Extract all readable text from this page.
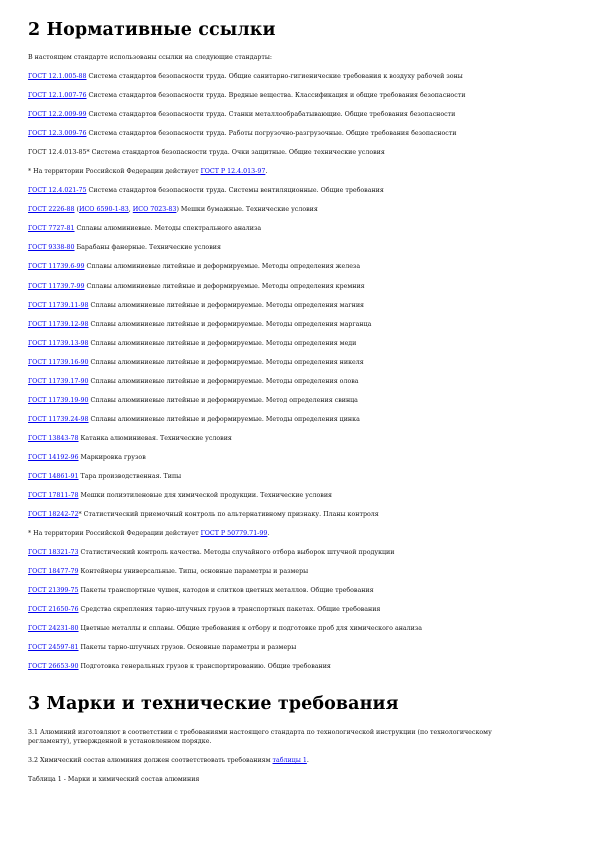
2 Нормативные ссылки

В настоящем стандарте использованы ссылки на следующие стандарты:

ГОСТ 12.1.005-88 Система стандартов безопасности труда. Общие санитарно-гигиенические требования к воздуху рабочей зоны

ГОСТ 12.1.007-76 Система стандартов безопасности труда. Вредные вещества. Классификация и общие требования безопасности

ГОСТ 12.2.009-99 Система стандартов безопасности труда. Станки металлообрабатывающие. Общие требования безопасности

ГОСТ 12.3.009-76 Система стандартов безопасности труда. Работы погрузочно-разгрузочные. Общие требования безопасности

ГОСТ 12.4.013-85* Система стандартов безопасности труда. Очки защитные. Общие технические условия

* На территории Российской Федерации действует ГОСТ Р 12.4.013-97.

ГОСТ 12.4.021-75 Система стандартов безопасности труда. Системы вентиляционные. Общие требования

ГОСТ 2226-88 (ИСО 6590-1-83, ИСО 7023-83) Мешки бумажные. Технические условия

ГОСТ 7727-81 Сплавы алюминиевые. Методы спектрального анализа

ГОСТ 9338-80 Барабаны фанерные. Технические условия

ГОСТ 11739.6-99 Сплавы алюминиевые литейные и деформируемые. Методы определения железа

ГОСТ 11739.7-99 Сплавы алюминиевые литейные и деформируемые. Методы определения кремния

ГОСТ 11739.11-98 Сплавы алюминиевые литейные и деформируемые. Методы определения магния

ГОСТ 11739.12-98 Сплавы алюминиевые литейные и деформируемые. Методы определения марганца

ГОСТ 11739.13-98 Сплавы алюминиевые литейные и деформируемые. Методы определения меди

ГОСТ 11739.16-90 Сплавы алюминиевые литейные и деформируемые. Методы определения никеля

ГОСТ 11739.17-90 Сплавы алюминиевые литейные и деформируемые. Методы определения олова

ГОСТ 11739.19-90 Сплавы алюминиевые литейные и деформируемые. Метод определения свинца

ГОСТ 11739.24-98 Сплавы алюминиевые литейные и деформируемые. Методы определения цинка

ГОСТ 13843-78 Катанка алюминиевая. Технические условия

ГОСТ 14192-96 Маркировка грузов

ГОСТ 14861-91 Тара производственная. Типы

ГОСТ 17811-78 Мешки полиэтиленовые для химической продукции. Технические условия

ГОСТ 18242-72* Статистический приемочный контроль по альтернативному признаку. Планы контроля

* На территории Российской Федерации действует ГОСТ Р 50779.71-99.

ГОСТ 18321-73 Статистический контроль качества. Методы случайного отбора выборок штучной продукции

ГОСТ 18477-79 Контейнеры универсальные. Типы, основные параметры и размеры

ГОСТ 21399-75 Пакеты транспортные чушек, катодов и слитков цветных металлов. Общие требования

ГОСТ 21650-76 Средства скрепления тарно-штучных грузов в транспортных пакетах. Общие требования

ГОСТ 24231-80 Цветные металлы и сплавы. Общие требования к отбору и подготовке проб для химического анализа

ГОСТ 24597-81 Пакеты тарно-штучных грузов. Основные параметры и размеры

ГОСТ 26653-90 Подготовка генеральных грузов к транспортированию. Общие требования

3 Марки и технические требования

3.1 Алюминий изготовляют в соответствии с требованиями настоящего стандарта по технологической инструкции (по технологическому
регламенту), утвержденной в установленном порядке.

3.2 Химический состав алюминия должен соответствовать требованиям таблицы 1.

Таблица 1 - Марки и химический состав алюминия
